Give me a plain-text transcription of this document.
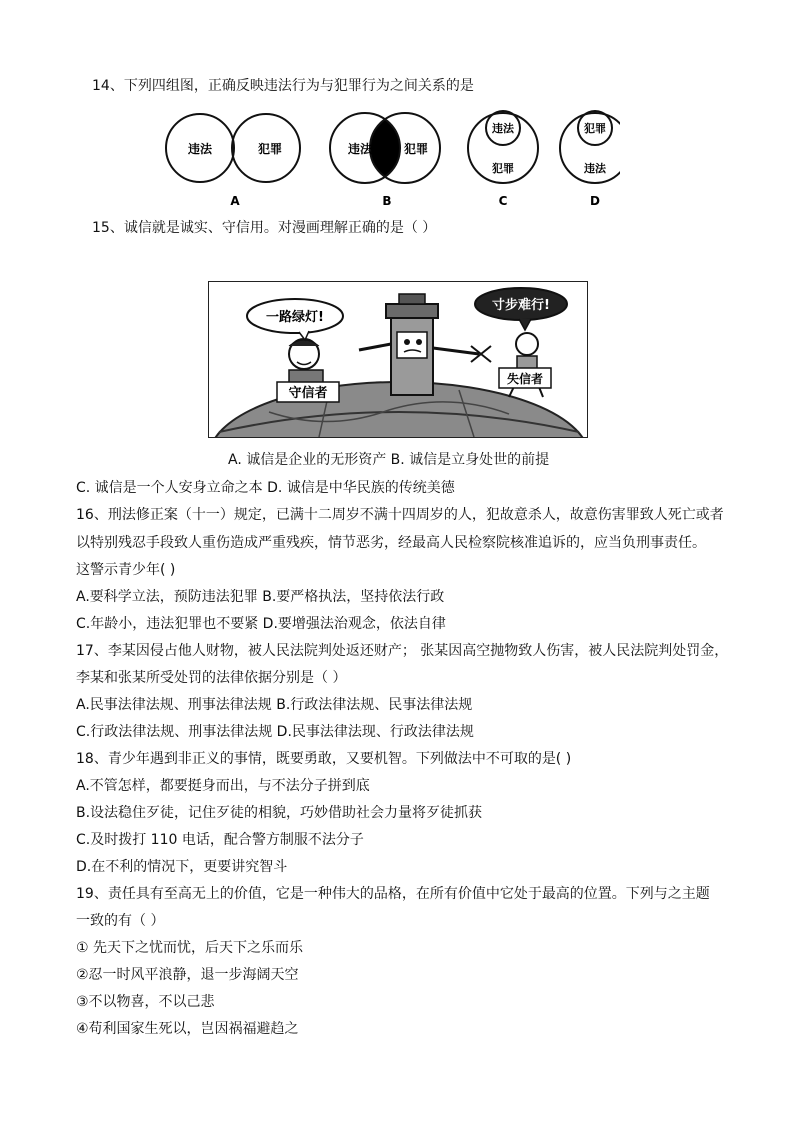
14、下列四组图，正确反映违法行为与犯罪行为之间关系的是
违法	犯罪
A
违法	犯罪
B
违法
犯罪
C
犯罪
违法
D
15、诚信就是诚实、守信用。对漫画理解正确的是（ ）
守信者
失信者
一路绿灯!
寸步难行!
A. 诚信是企业的无形资产 B. 诚信是立身处世的前提
C. 诚信是一个人安身立命之本 D. 诚信是中华民族的传统美德
16、刑法修正案（十一）规定，已满十二周岁不满十四周岁的人，犯故意杀人，故意伤害罪致人死亡或者
以特别残忍手段致人重伤造成严重残疾，情节恶劣，经最高人民检察院核准追诉的，应当负刑事责任。
这警示青少年( )
A.要科学立法，预防违法犯罪 B.要严格执法，坚持依法行政
C.年龄小，违法犯罪也不要紧 D.要增强法治观念，依法自律
17、李某因侵占他人财物，被人民法院判处返还财产； 张某因高空抛物致人伤害，被人民法院判处罚金，
李某和张某所受处罚的法律依据分别是（ ）
A.民事法律法规、刑事法律法规 B.行政法律法规、民事法律法规
C.行政法律法规、刑事法律法规 D.民事法律法现、行政法律法规
18、青少年遇到非正义的事情，既要勇敢，又要机智。下列做法中不可取的是( )
A.不管怎样，都要挺身而出，与不法分子拼到底
B.设法稳住歹徒，记住歹徒的相貌，巧妙借助社会力量将歹徒抓获
C.及时拨打 110 电话，配合警方制服不法分子
D.在不利的情况下，更要讲究智斗
19、责任具有至高无上的价值，它是一种伟大的品格，在所有价值中它处于最高的位置。下列与之主题
一致的有（ ）
① 先天下之忧而忧，后天下之乐而乐
②忍一时风平浪静，退一步海阔天空
③不以物喜，不以己悲
④苟利国家生死以，岂因祸福避趋之
